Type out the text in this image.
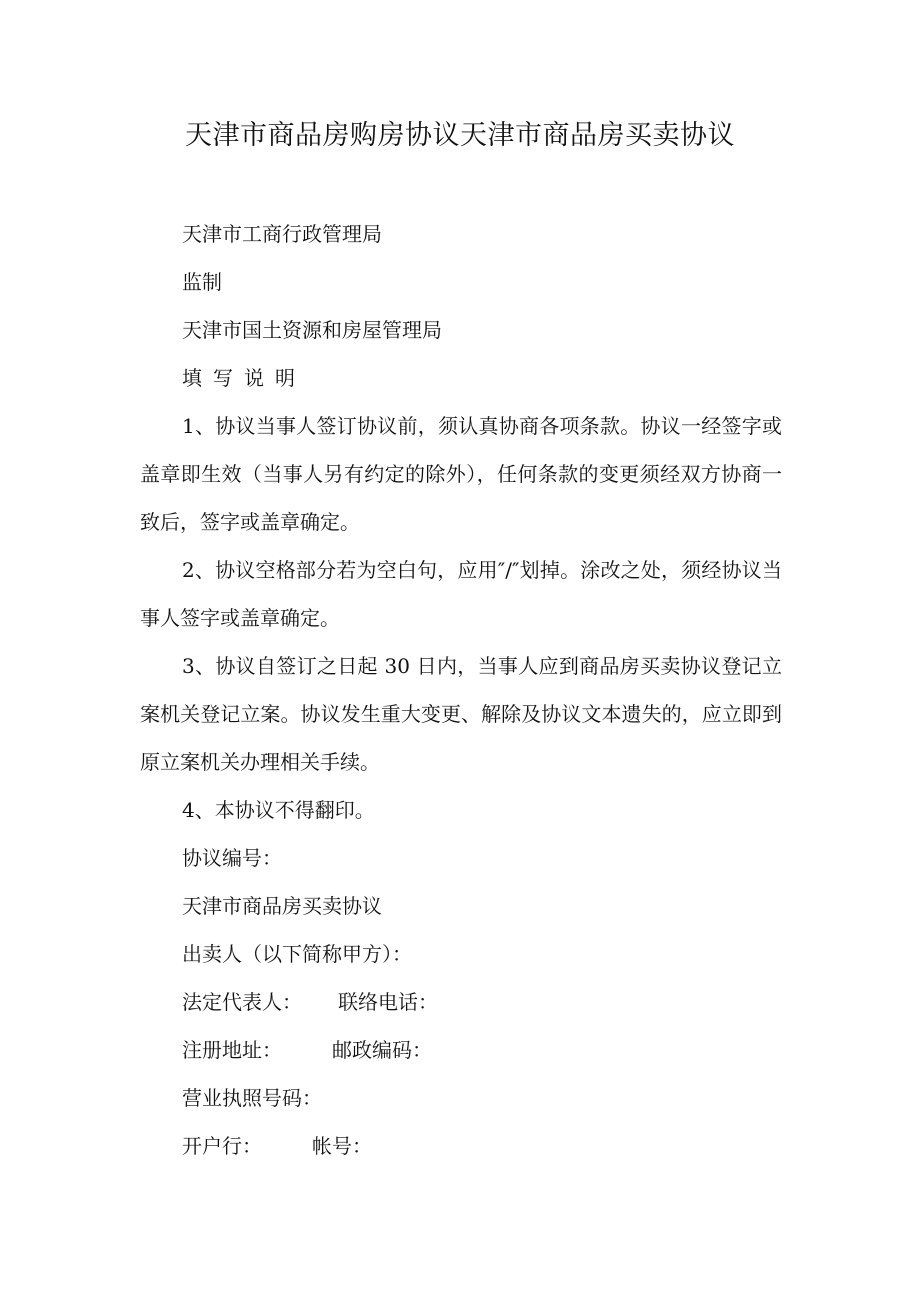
天津市商品房购房协议天津市商品房买卖协议

天津市工商行政管理局

监制

天津市国土资源和房屋管理局

填写说明

1、协议当事人签订协议前，须认真协商各项条款。协议一经签字或盖章即生效（当事人另有约定的除外），任何条款的变更须经双方协商一致后，签字或盖章确定。

2、协议空格部分若为空白句，应用″/″划掉。涂改之处，须经协议当事人签字或盖章确定。

3、协议自签订之日起 30 日内，当事人应到商品房买卖协议登记立案机关登记立案。协议发生重大变更、解除及协议文本遗失的，应立即到原立案机关办理相关手续。

4、本协议不得翻印。

协议编号：

天津市商品房买卖协议

出卖人（以下简称甲方）：

法定代表人： 联络电话：

注册地址：	邮政编码：

营业执照号码：

开户行：	帐号：
